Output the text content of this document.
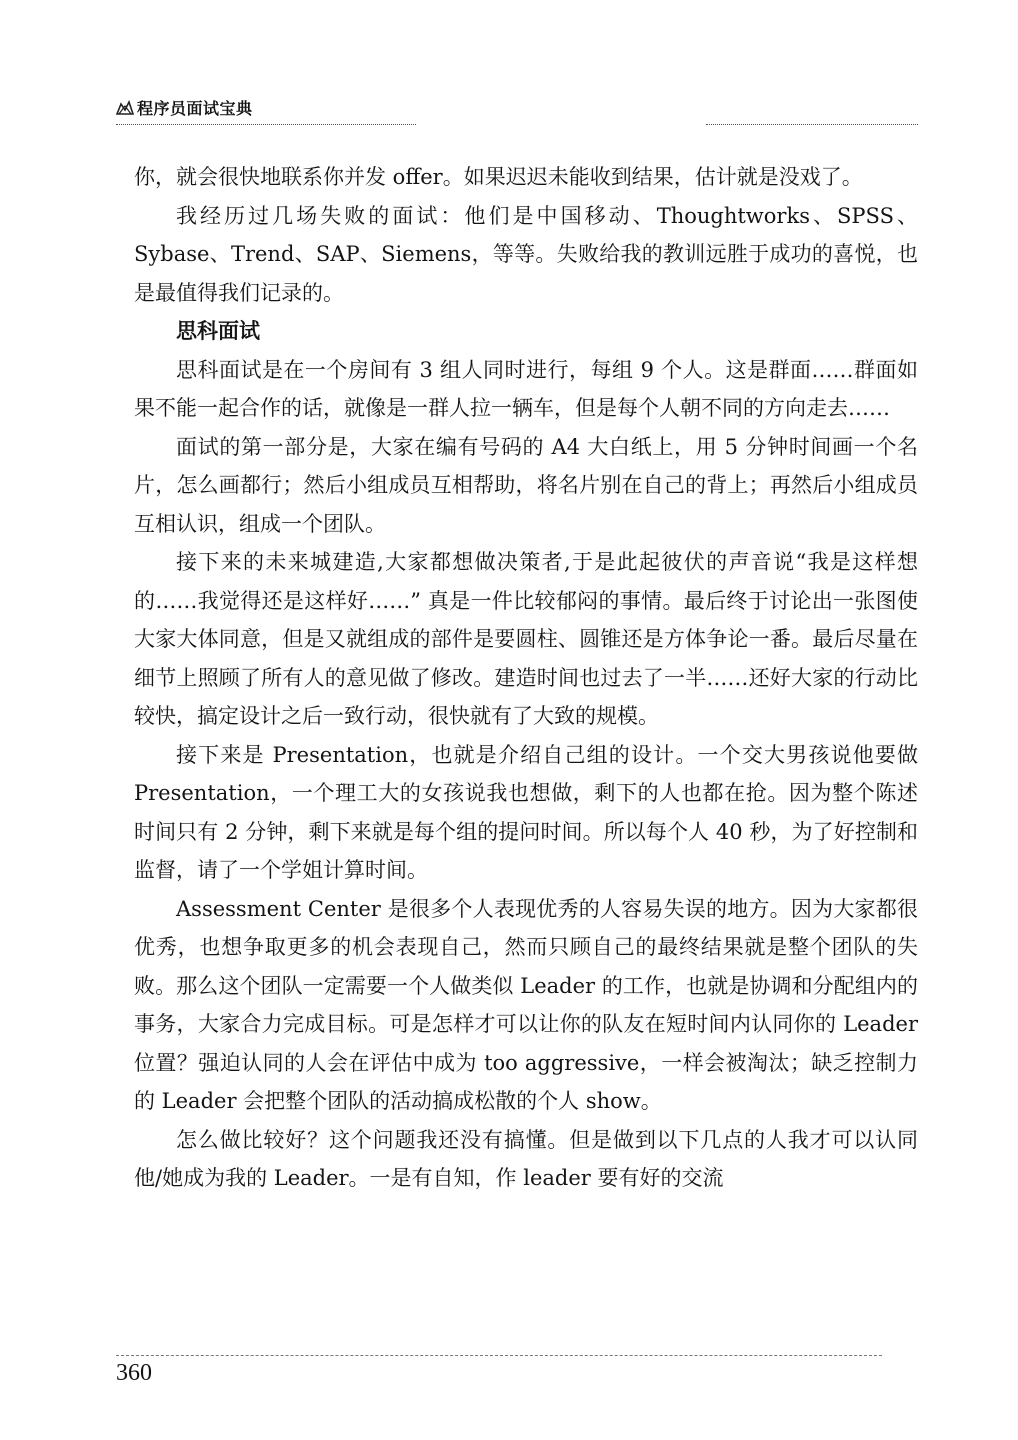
程序员面试宝典

你，就会很快地联系你并发 offer。如果迟迟未能收到结果，估计就是没戏了。

我经历过几场失败的面试：他们是中国移动、Thoughtworks、SPSS、Sybase、Trend、SAP、Siemens，等等。失败给我的教训远胜于成功的喜悦，也是最值得我们记录的。

思科面试

思科面试是在一个房间有 3 组人同时进行，每组 9 个人。这是群面……群面如果不能一起合作的话，就像是一群人拉一辆车，但是每个人朝不同的方向走去……

面试的第一部分是，大家在编有号码的 A4 大白纸上，用 5 分钟时间画一个名片，怎么画都行；然后小组成员互相帮助，将名片别在自己的背上；再然后小组成员互相认识，组成一个团队。

接下来的未来城建造,大家都想做决策者,于是此起彼伏的声音说“我是这样想的……我觉得还是这样好……” 真是一件比较郁闷的事情。最后终于讨论出一张图使大家大体同意，但是又就组成的部件是要圆柱、圆锥还是方体争论一番。最后尽量在细节上照顾了所有人的意见做了修改。建造时间也过去了一半……还好大家的行动比较快，搞定设计之后一致行动，很快就有了大致的规模。

接下来是 Presentation，也就是介绍自己组的设计。一个交大男孩说他要做 Presentation，一个理工大的女孩说我也想做，剩下的人也都在抢。因为整个陈述时间只有 2 分钟，剩下来就是每个组的提问时间。所以每个人 40 秒，为了好控制和监督，请了一个学姐计算时间。

Assessment Center 是很多个人表现优秀的人容易失误的地方。因为大家都很优秀，也想争取更多的机会表现自己，然而只顾自己的最终结果就是整个团队的失败。那么这个团队一定需要一个人做类似 Leader 的工作，也就是协调和分配组内的事务，大家合力完成目标。可是怎样才可以让你的队友在短时间内认同你的 Leader 位置？强迫认同的人会在评估中成为 too aggressive，一样会被淘汰；缺乏控制力的 Leader 会把整个团队的活动搞成松散的个人 show。

怎么做比较好？这个问题我还没有搞懂。但是做到以下几点的人我才可以认同他/她成为我的 Leader。一是有自知，作 leader 要有好的交流

360
